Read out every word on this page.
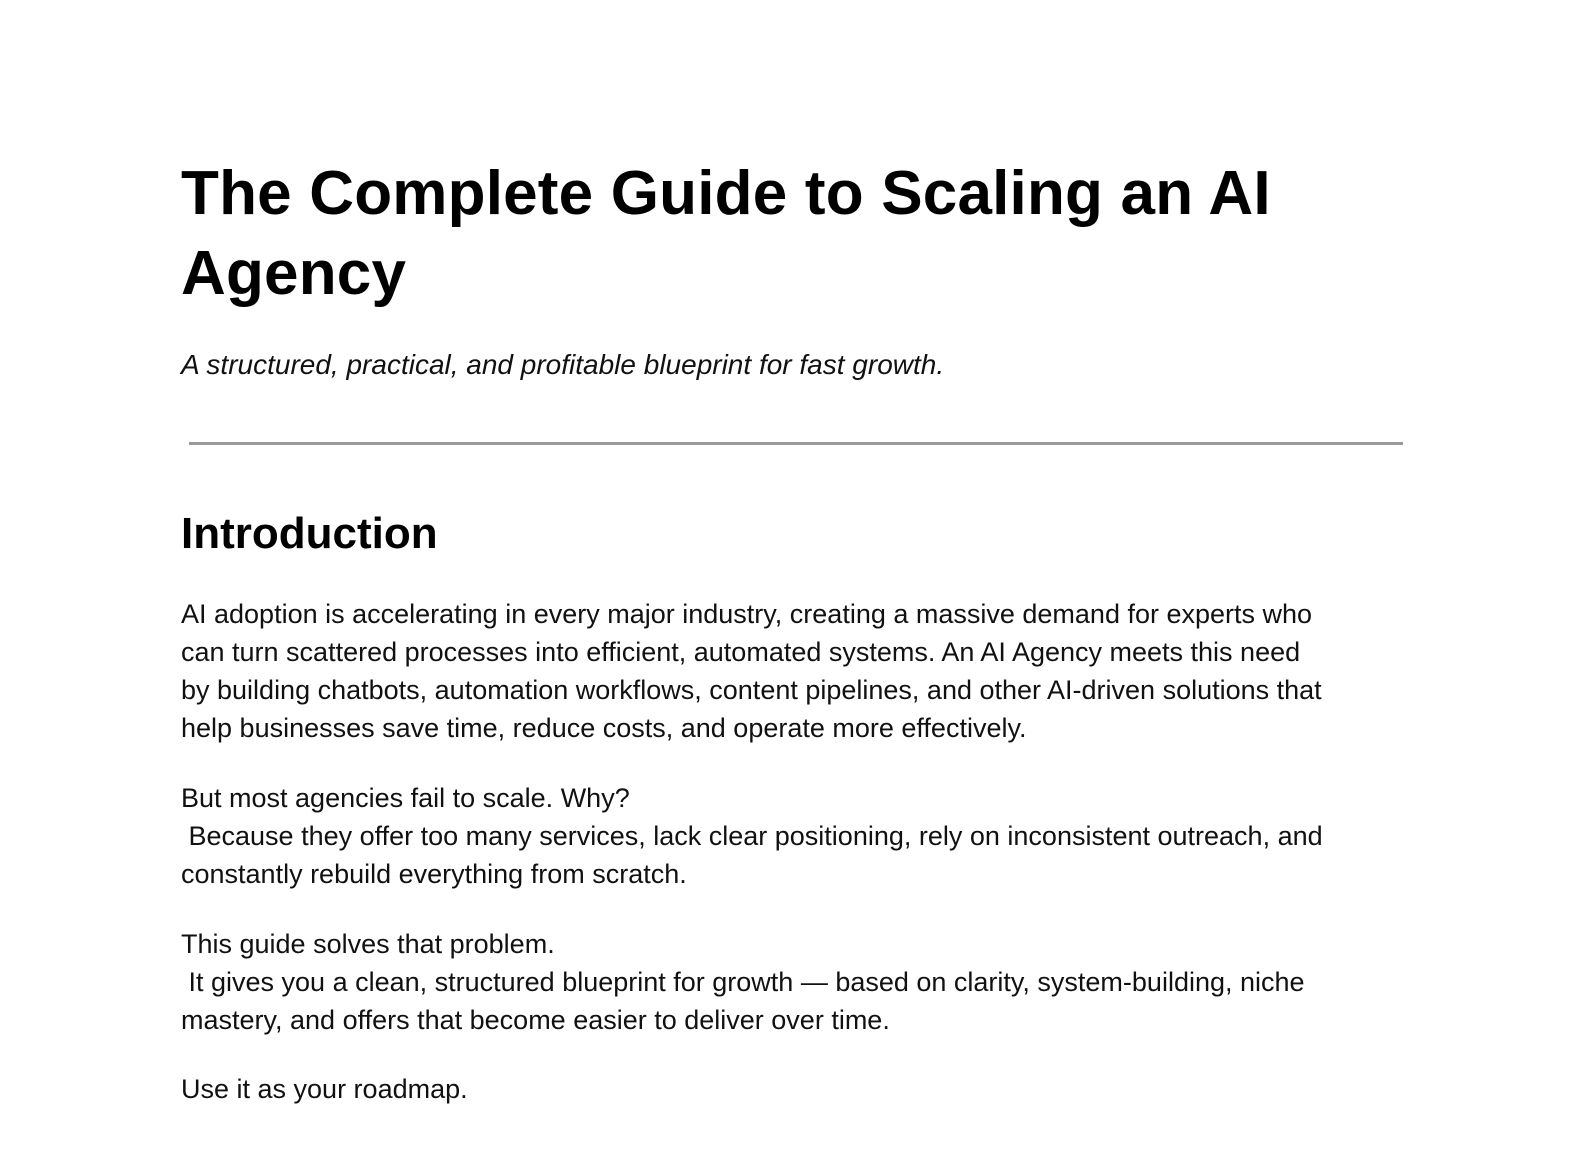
The Complete Guide to Scaling an AI
Agency

A structured, practical, and profitable blueprint for fast growth.

Introduction

AI adoption is accelerating in every major industry, creating a massive demand for experts who
can turn scattered processes into efficient, automated systems. An AI Agency meets this need
by building chatbots, automation workflows, content pipelines, and other AI-driven solutions that
help businesses save time, reduce costs, and operate more effectively.

But most agencies fail to scale. Why?
Because they offer too many services, lack clear positioning, rely on inconsistent outreach, and
constantly rebuild everything from scratch.

This guide solves that problem.
It gives you a clean, structured blueprint for growth — based on clarity, system-building, niche
mastery, and offers that become easier to deliver over time.

Use it as your roadmap.
